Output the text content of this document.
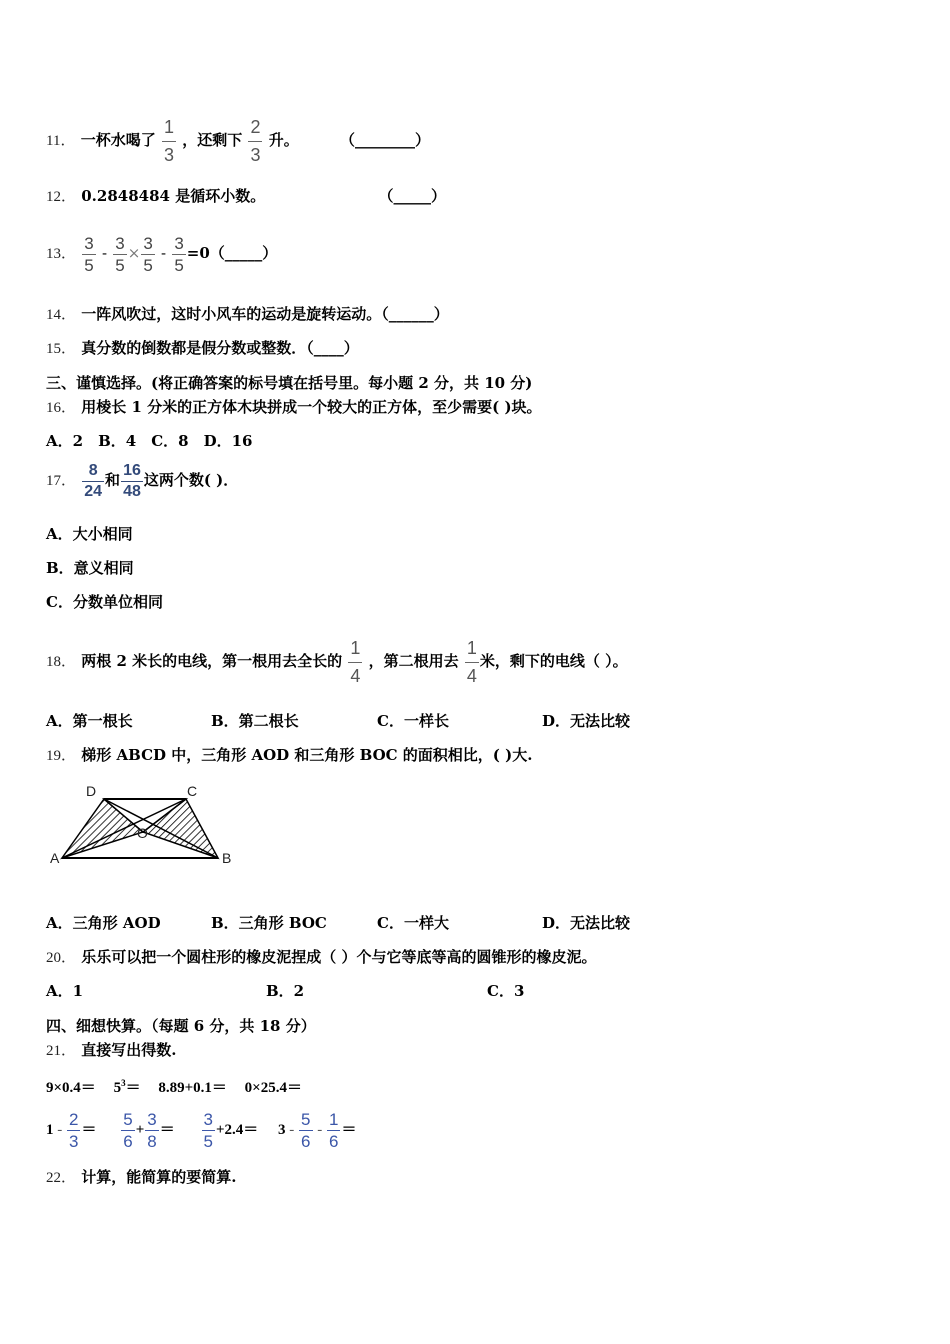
11． 一杯水喝了 $\frac{1}{3}$ ，还剩下 $\frac{2}{3}$ 升。	（________）
12． 0.2848484 是循环小数。	（_____）
13． $\frac{3}{5} - \frac{3}{5} \times \frac{3}{5} - \frac{3}{5}$ =0（_____）
14． 一阵风吹过，这时小风车的运动是旋转运动。（______）
15． 真分数的倒数都是假分数或整数．（____）
三、谨慎选择。(将正确答案的标号填在括号里。每小题 2 分，共 10 分)
16． 用棱长 1 分米的正方体木块拼成一个较大的正方体，至少需要( )块。
A．2　B．4　C．8　D．16
17． $\frac{8}{24}$ 和 $\frac{16}{48}$ 这两个数( )．
A．大小相同
B．意义相同
C．分数单位相同
18． 两根 2 米长的电线，第一根用去全长的 $\frac{1}{4}$ ，第二根用去 $\frac{1}{4}$ 米，剩下的电线（ ）。
A．第一根长	B．第二根长	C．一样长	D．无法比较
19． 梯形 ABCD 中，三角形 AOD 和三角形 BOC 的面积相比，( )大.
D	C
O
A	B
A．三角形 AOD	B．三角形 BOC	C．一样大	D．无法比较
20． 乐乐可以把一个圆柱形的橡皮泥捏成（ ）个与它等底等高的圆锥形的橡皮泥。
A．1	B．2	C．3
四、细想快算。（每题 6 分，共 18 分）
21． 直接写出得数.
$9\times 0.4= 5^3= 8.89+0.1= 0\times 25.4=$
$1 - \frac{2}{3} = \frac{5}{6} + \frac{3}{8} = \frac{3}{5} +2.4= 3 - \frac{5}{6} - \frac{1}{6}$ ＝
22． 计算，能简算的要简算.
